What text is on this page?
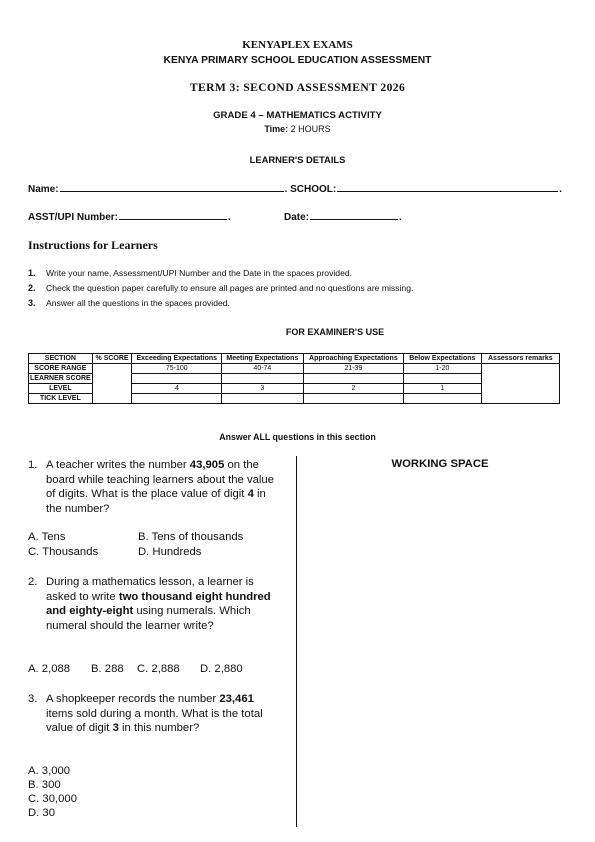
KENYAPLEX EXAMS
KENYA PRIMARY SCHOOL EDUCATION ASSESSMENT
TERM 3: SECOND ASSESSMENT 2026
GRADE 4 – MATHEMATICS ACTIVITY
Time: 2 HOURS
LEARNER'S DETAILS
Name:	. SCHOOL:	.
ASST/UPI Number:	.	Date:	.
Instructions for Learners
1. Write your name, Assessment/UPI Number and the Date in the spaces provided.
2. Check the question paper carefully to ensure all pages are printed and no questions are missing.
3. Answer all the questions in the spaces provided.
FOR EXAMINER'S USE
SECTION	% SCORE	Exceeding Expectations	Meeting Expectations	Approaching Expectations	Below Expectations	Assessors remarks
SCORE RANGE		75-100	40-74	21-39	1-20	
LEARNER SCORE						
LEVEL		4	3	2	1	
TICK LEVEL						
Answer ALL questions in this section
WORKING SPACE
1. A teacher writes the number 43,905 on the board while teaching learners about the value of digits. What is the place value of digit 4 in the number?
A. Tens	B. Tens of thousands
C. Thousands	D. Hundreds
2. During a mathematics lesson, a learner is asked to write two thousand eight hundred and eighty-eight using numerals. Which numeral should the learner write?
A. 2,088 B. 288 C. 2,888 D. 2,880
3. A shopkeeper records the number 23,461 items sold during a month. What is the total value of digit 3 in this number?
A. 3,000
B. 300
C. 30,000
D. 30
